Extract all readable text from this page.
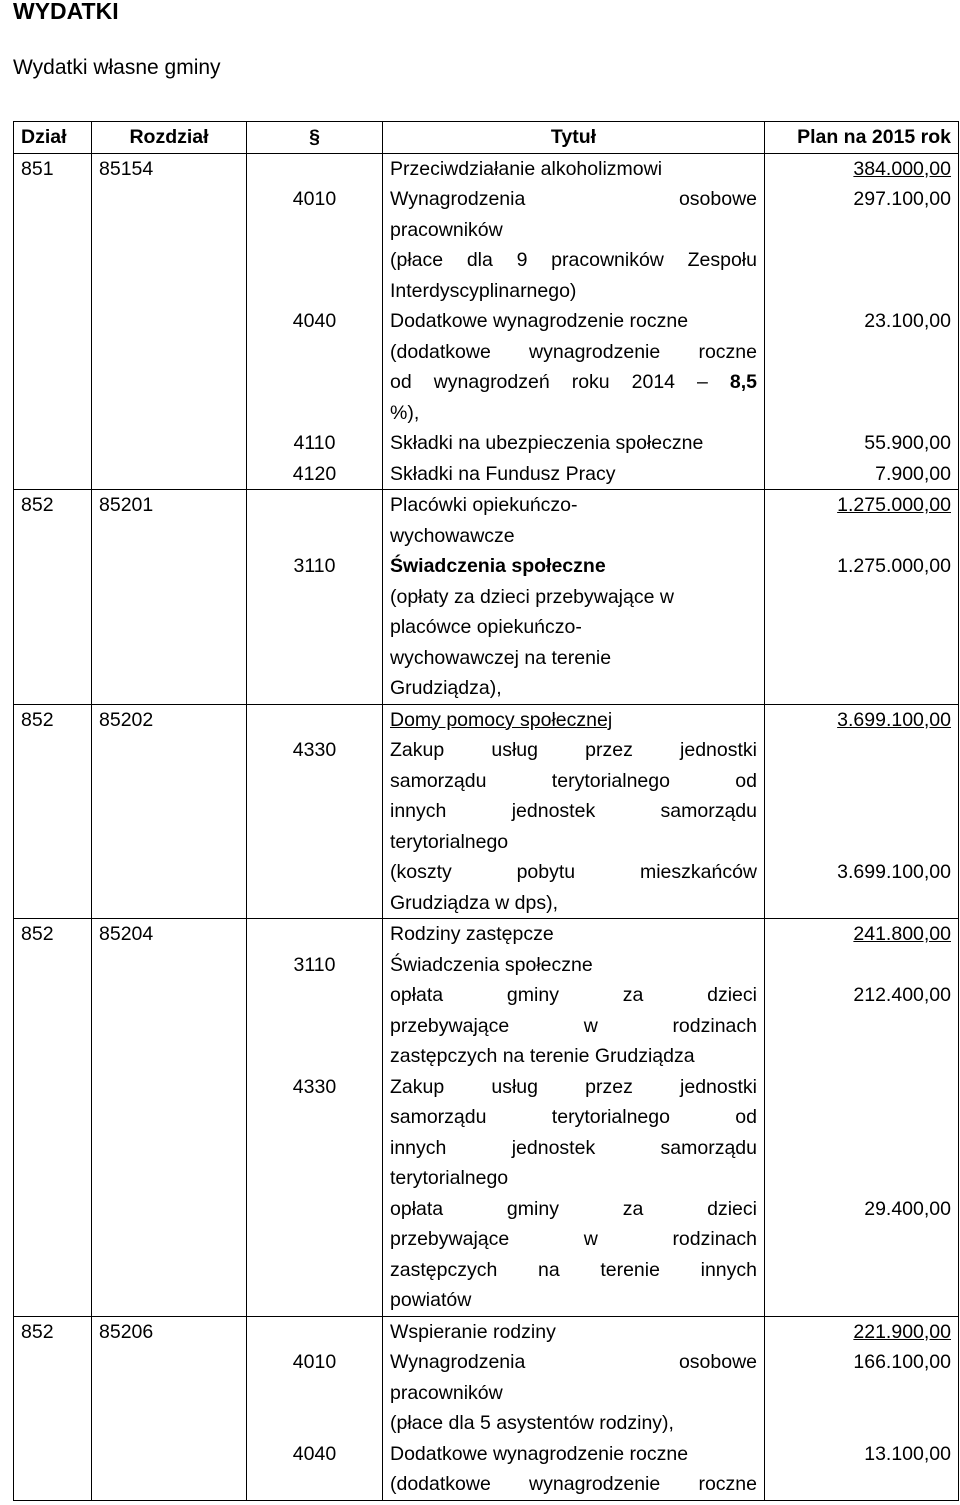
WYDATKI
Wydatki własne gminy
Dział	Rozdział	§	Tytuł	Plan na 2015 rok
851	85154		Przeciwdziałanie alkoholizmowi	384.000,00
		4010	Wynagrodzenia osobowe
pracowników	297.100,00

			(płace dla 9 pracowników Zespołu
Interdyscyplinarnego)	

		4040	Dodatkowe wynagrodzenie roczne	23.100,00

			(dodatkowe wynagrodzenie roczne
od wynagrodzeń roku 2014 – 8,5
%),	

		4110	Składki na ubezpieczenia społeczne	55.900,00
		4120	Składki na Fundusz Pracy	7.900,00
852	85201		Placówki opiekuńczo-
wychowawcze	1.275.000,00
		3110	Świadczenia społeczne
(opłaty za dzieci przebywające w
placówce opiekuńczo-
wychowawczej na terenie
Grudziądza),	1.275.000,00
852	85202		Domy pomocy społecznej	3.699.100,00
		4330	Zakup usług przez jednostki
samorządu terytorialnego od
innych jednostek samorządu
terytorialnego	

			(koszty pobytu mieszkańców
Grudziądza w dps),	3.699.100,00
852	85204		Rodziny zastępcze	241.800,00
		3110	Świadczenia społeczne	

			opłata gminy za dzieci
przebywające w rodzinach
zastępczych na terenie Grudziądza	212.400,00
		4330	Zakup usług przez jednostki
samorządu terytorialnego od
innych jednostek samorządu
terytorialnego	

			opłata gminy za dzieci
przebywające w rodzinach
zastępczych na terenie innych
powiatów	29.400,00
852	85206		Wspieranie rodziny	221.900,00
		4010	Wynagrodzenia osobowe
pracowników	166.100,00
			(płace dla 5 asystentów rodziny),	
		4040	Dodatkowe wynagrodzenie roczne	13.100,00

			(dodatkowe wynagrodzenie roczne	
